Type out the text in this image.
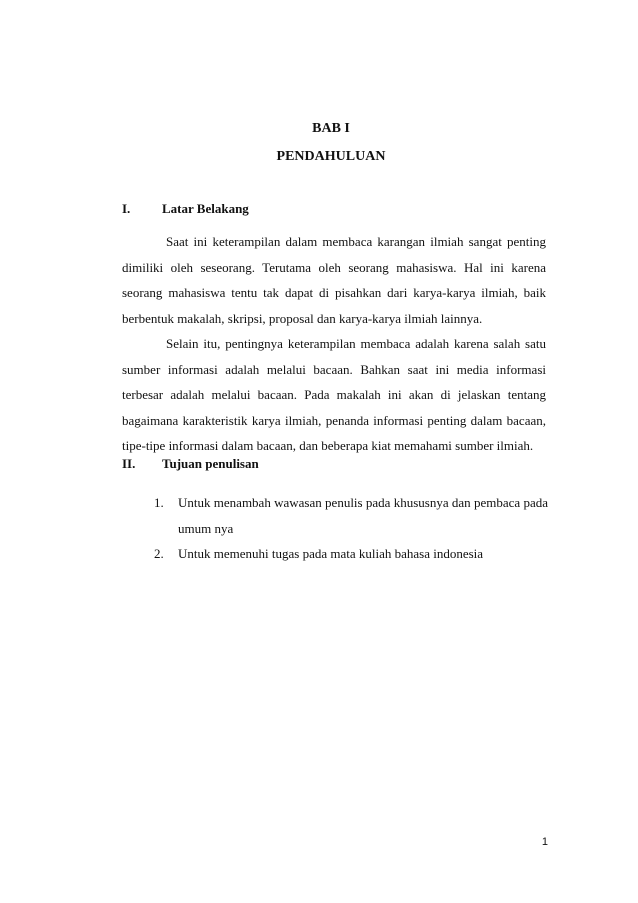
BAB I
PENDAHULUAN
I. Latar Belakang

Saat ini keterampilan dalam membaca karangan ilmiah sangat penting dimiliki oleh seseorang. Terutama oleh seorang mahasiswa. Hal ini karena seorang mahasiswa tentu tak dapat di pisahkan dari karya-karya ilmiah, baik berbentuk makalah, skripsi, proposal dan karya-karya ilmiah lainnya.

Selain itu, pentingnya keterampilan membaca adalah karena salah satu sumber informasi adalah melalui bacaan. Bahkan saat ini media informasi terbesar adalah melalui bacaan. Pada makalah ini akan di jelaskan tentang bagaimana karakteristik karya ilmiah, penanda informasi penting dalam bacaan, tipe-tipe informasi dalam bacaan, dan beberapa kiat memahami sumber ilmiah.

II. Tujuan penulisan
1. Untuk menambah wawasan penulis pada khususnya dan pembaca pada umum nya
2. Untuk memenuhi tugas pada mata kuliah bahasa indonesia
1
